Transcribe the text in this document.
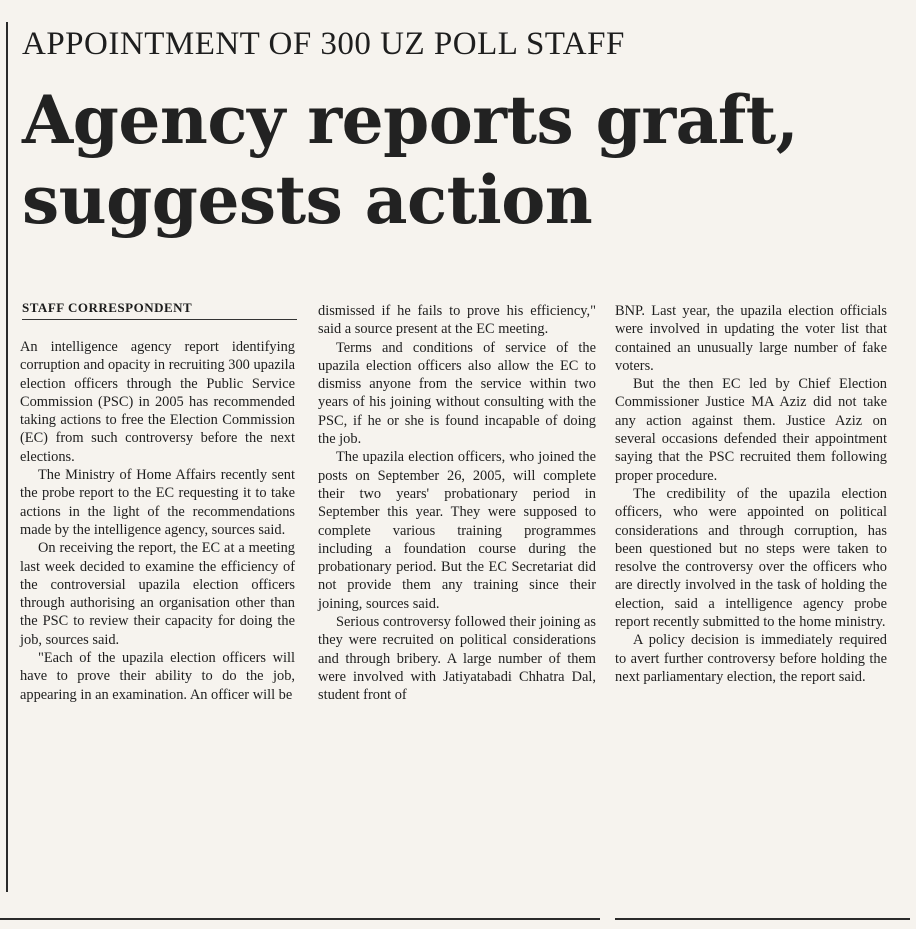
APPOINTMENT OF 300 UZ POLL STAFF
Agency reports graft,
suggests action
STAFF CORRESPONDENT

An intelligence agency report identifying corruption and opacity in recruiting 300 upazila election officers through the Public Service Commission (PSC) in 2005 has recommended taking actions to free the Election Commission (EC) from such controversy before the next elections.

The Ministry of Home Affairs recently sent the probe report to the EC requesting it to take actions in the light of the recommendations made by the intelligence agency, sources said.

On receiving the report, the EC at a meeting last week decided to examine the efficiency of the controversial upazila election officers through authorising an organisation other than the PSC to review their capacity for doing the job, sources said.

"Each of the upazila election officers will have to prove their ability to do the job, appearing in an examination. An officer will be

dismissed if he fails to prove his efficiency," said a source present at the EC meeting.

Terms and conditions of service of the upazila election officers also allow the EC to dismiss anyone from the service within two years of his joining without consulting with the PSC, if he or she is found incapable of doing the job.

The upazila election officers, who joined the posts on September 26, 2005, will complete their two years' probationary period in September this year. They were supposed to complete various training programmes including a foundation course during the probationary period. But the EC Secretariat did not provide them any training since their joining, sources said.

Serious controversy followed their joining as they were recruited on political considerations and through bribery. A large number of them were involved with Jatiyatabadi Chhatra Dal, student front of

BNP. Last year, the upazila election officials were involved in updating the voter list that contained an unusually large number of fake voters.

But the then EC led by Chief Election Commissioner Justice MA Aziz did not take any action against them. Justice Aziz on several occasions defended their appointment saying that the PSC recruited them following proper procedure.

The credibility of the upazila election officers, who were appointed on political considerations and through corruption, has been questioned but no steps were taken to resolve the controversy over the officers who are directly involved in the task of holding the election, said a intelligence agency probe report recently submitted to the home ministry.

A policy decision is immediately required to avert further controversy before holding the next parliamentary election, the report said.
